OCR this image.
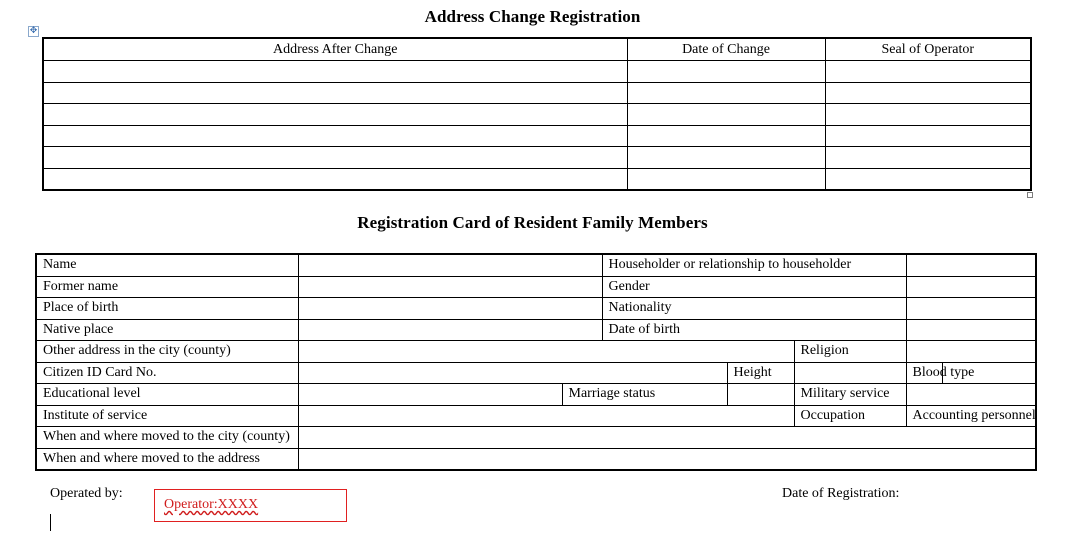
Address Change Registration
✥
Address After Change	Date of Change	Seal of Operator

Registration Card of Resident Family Members
Name			Householder or relationship to householder				
Former name			Gender				
Place of birth			Nationality				
Native place			Date of birth				
Other address in the city (county)					Religion		
Citizen ID Card No.				Height		Blood type	
Educational level		Marriage status			Military service		
Institute of service					Occupation	Accounting personnel	
When and where moved to the city (county)							
When and where moved to the address							
Operated by:
Operator:XXXX
Date of Registration:
